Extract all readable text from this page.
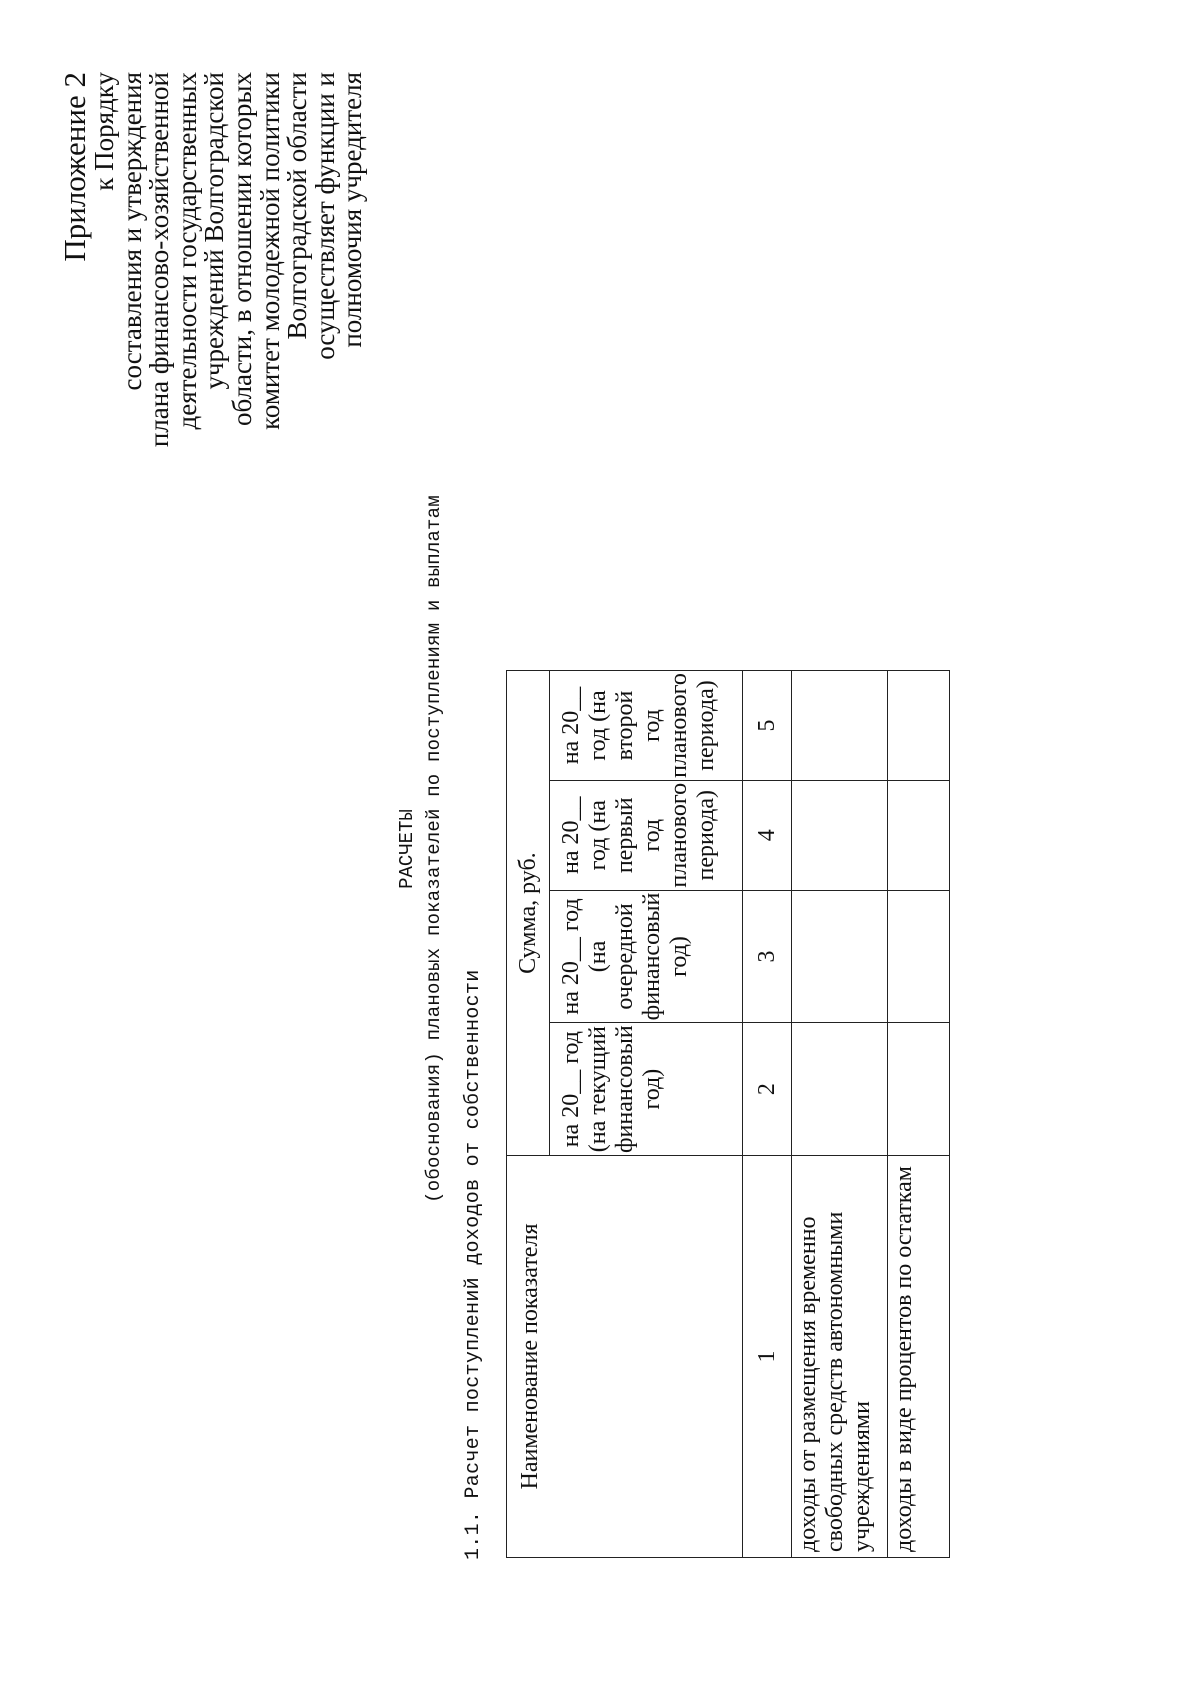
Приложение 2
к Порядку
составления и утверждения
плана финансово-хозяйственной
деятельности государственных
учреждений Волгоградской
области, в отношении которых
комитет молодежной политики
Волгоградской области
осуществляет функции и
полномочия учредителя
РАСЧЕТЫ (обоснования) плановых показателей по поступлениям и выплатам
1.1. Расчет поступлений доходов от собственности Наименование показателя	Сумма, руб.			
	на 20__ год (на текущий финансовый год)	на 20__ год (на очередной финансовый год)	на 20__ год (на первый год планового периода)	на 20__ год (на второй год планового периода)
1	2	3	4	5
доходы от размещения временно свободных средств автономными учреждениями				
доходы в виде процентов по остаткам				
